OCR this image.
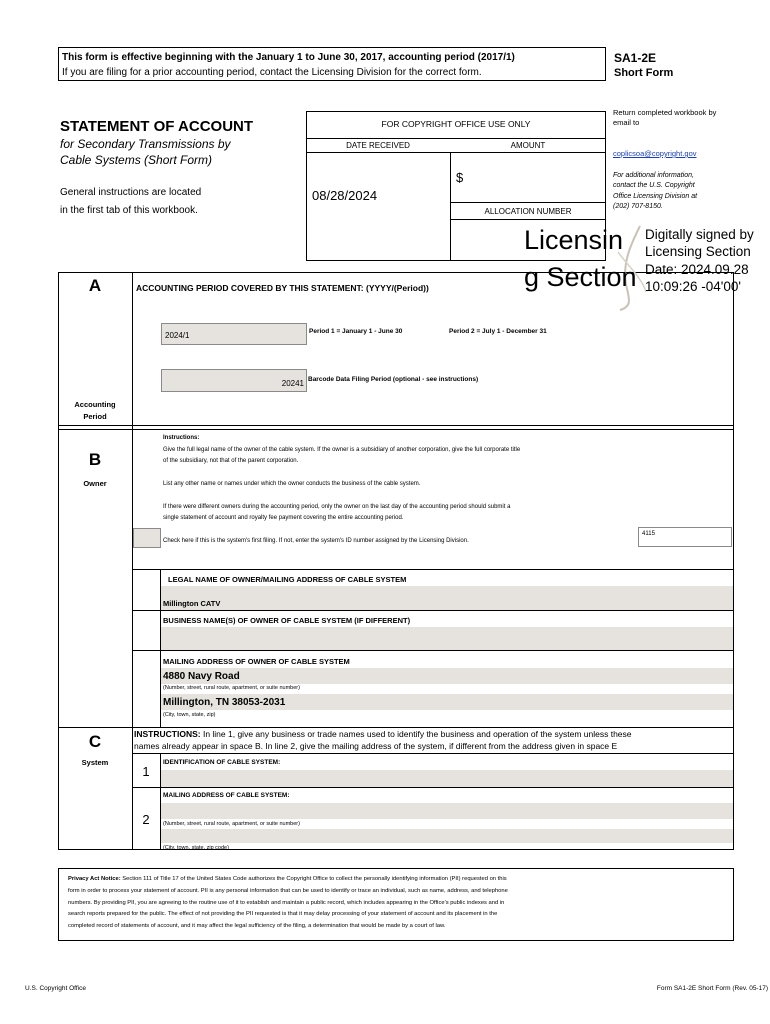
This form is effective beginning with the January 1 to June 30, 2017, accounting period (2017/1)
If you are filing for a prior accounting period, contact the Licensing Division for the correct form.
SA1-2E
Short Form
STATEMENT OF ACCOUNT
for Secondary Transmissions by
Cable Systems (Short Form)
General instructions are located
in the first tab of this workbook.
FOR COPYRIGHT OFFICE USE ONLY
DATE RECEIVED	AMOUNT
08/28/2024
$
ALLOCATION NUMBER
Return completed workbook by
email to
coplicsoa@copyright.gov
For additional information,
contact the U.S. Copyright
Office Licensing Division at
(202) 707-8150.
A
Accounting
Period
ACCOUNTING PERIOD COVERED BY THIS STATEMENT: (YYYY/(Period))
2024/1	Period 1 = January 1 - June 30	Period 2 = July 1 - December 31
20241 Barcode Data Filing Period (optional - see instructions)
B
Owner
Instructions:
Give the full legal name of the owner of the cable system. If the owner is a subsidiary of another corporation, give the full corporate title
of the subsidiary, not that of the parent corporation.
List any other name or names under which the owner conducts the business of the cable system.
If there were different owners during the accounting period, only the owner on the last day of the accounting period should submit a
single statement of account and royalty fee payment covering the entire accounting period.
Check here if this is the system's first filing. If not, enter the system's ID number assigned by the Licensing Division.
4115
LEGAL NAME OF OWNER/MAILING ADDRESS OF CABLE SYSTEM
Millington CATV
BUSINESS NAME(S) OF OWNER OF CABLE SYSTEM (IF DIFFERENT)
MAILING ADDRESS OF OWNER OF CABLE SYSTEM
4880 Navy Road
(Number, street, rural route, apartment, or suite number)
Millington, TN 38053-2031
(City, town, state, zip)
C
System
INSTRUCTIONS: In line 1, give any business or trade names used to identify the business and operation of the system unless these
names already appear in space B. In line 2, give the mailing address of the system, if different from the address given in space E
1
IDENTIFICATION OF CABLE SYSTEM:
MAILING ADDRESS OF CABLE SYSTEM:
2	(Number, street, rural route, apartment, or suite number)
(City, town, state, zip code)
Privacy Act Notice: Section 111 of Title 17 of the United States Code authorizes the Copyright Office to collect the personally identifying information (PII) requested on this
form in order to process your statement of account. PII is any personal information that can be used to identify or trace an individual, such as name, address, and telephone
numbers. By providing PII, you are agreeing to the routine use of it to establish and maintain a public record, which includes appearing in the Office's public indexes and in
search reports prepared for the public. The effect of not providing the PII requested is that it may delay processing of your statement of account and its placement in the
completed record of statements of account, and it may affect the legal sufficiency of the filing, a determination that would be made by a court of law.
U.S. Copyright Office	Form SA1-2E Short Form (Rev. 05-17)
Licensin
g Section
Digitally signed by
Licensing Section
Date: 2024.09.28
10:09:26 -04'00'
